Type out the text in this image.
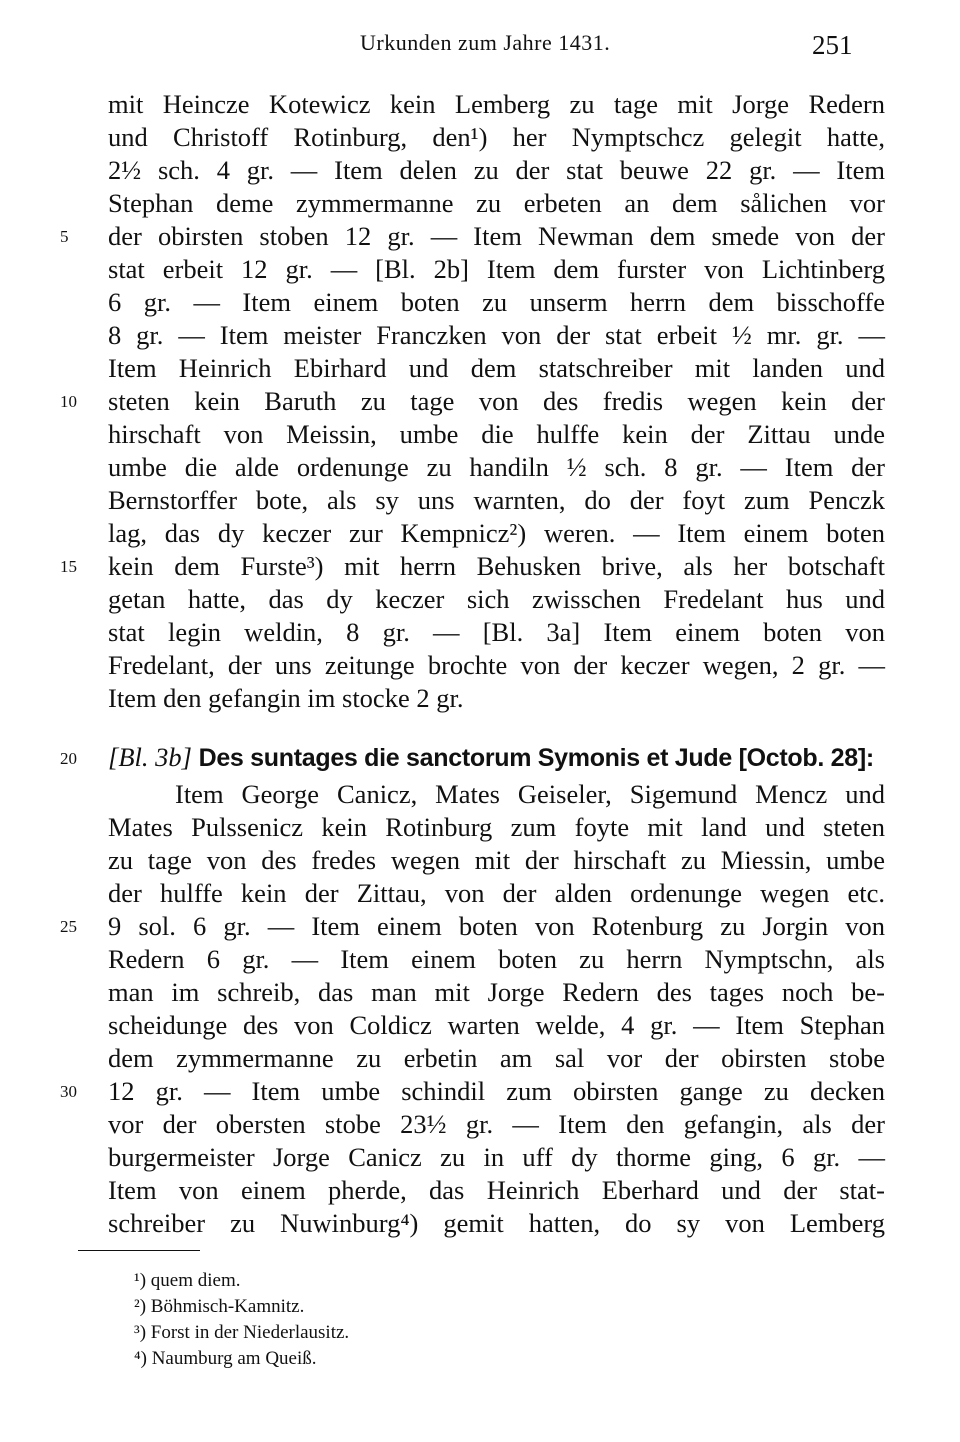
Urkunden zum Jahre 1431.	251
mit Heincze Kotewicz kein Lemberg zu tage mit Jorge Redern
und Christoff Rotinburg, den¹) her Nymptschcz gelegit hatte,
2½ sch. 4 gr. — Item delen zu der stat beuwe 22 gr. — Item
Stephan deme zymmermanne zu erbeten an dem sålichen vor
der obirsten stoben 12 gr. — Item Newman dem smede von der
stat erbeit 12 gr. — [Bl. 2b] Item dem furster von Lichtinberg
6 gr. — Item einem boten zu unserm herrn dem bisschoffe
8 gr. — Item meister Franczken von der stat erbeit ½ mr. gr. —
Item Heinrich Ebirhard und dem statschreiber mit landen und
steten kein Baruth zu tage von des fredis wegen kein der
hirschaft von Meissin, umbe die hulffe kein der Zittau unde
umbe die alde ordenunge zu handiln ½ sch. 8 gr. — Item der
Bernstorffer bote, als sy uns warnten, do der foyt zum Penczk
lag, das dy keczer zur Kempnicz²) weren. — Item einem boten
kein dem Furste³) mit herrn Behusken brive, als her botschaft
getan hatte, das dy keczer sich zwisschen Fredelant hus und
stat legin weldin, 8 gr. — [Bl. 3a] Item einem boten von
Fredelant, der uns zeitunge brochte von der keczer wegen, 2 gr. —
Item den gefangin im stocke 2 gr.
[Bl. 3b] Des suntages die sanctorum Symonis et Jude [Octob. 28]:
Item George Canicz, Mates Geiseler, Sigemund Mencz und
Mates Pulssenicz kein Rotinburg zum foyte mit land und steten
zu tage von des fredes wegen mit der hirschaft zu Miessin, umbe
der hulffe kein der Zittau, von der alden ordenunge wegen etc.
9 sol. 6 gr. — Item einem boten von Rotenburg zu Jorgin von
Redern 6 gr. — Item einem boten zu herrn Nymptschn, als
man im schreib, das man mit Jorge Redern des tages noch be-
scheidunge des von Coldicz warten welde, 4 gr. — Item Stephan
dem zymmermanne zu erbetin am sal vor der obirsten stobe
12 gr. — Item umbe schindil zum obirsten gange zu decken
vor der obersten stobe 23½ gr. — Item den gefangin, als der
burgermeister Jorge Canicz zu in uff dy thorme ging, 6 gr. —
Item von einem pherde, das Heinrich Eberhard und der stat-
schreiber zu Nuwinburg⁴) gemit hatten, do sy von Lemberg
5
10
15
20
25
30
¹) quem diem.
²) Böhmisch-Kamnitz.
³) Forst in der Niederlausitz.
⁴) Naumburg am Queiß.
